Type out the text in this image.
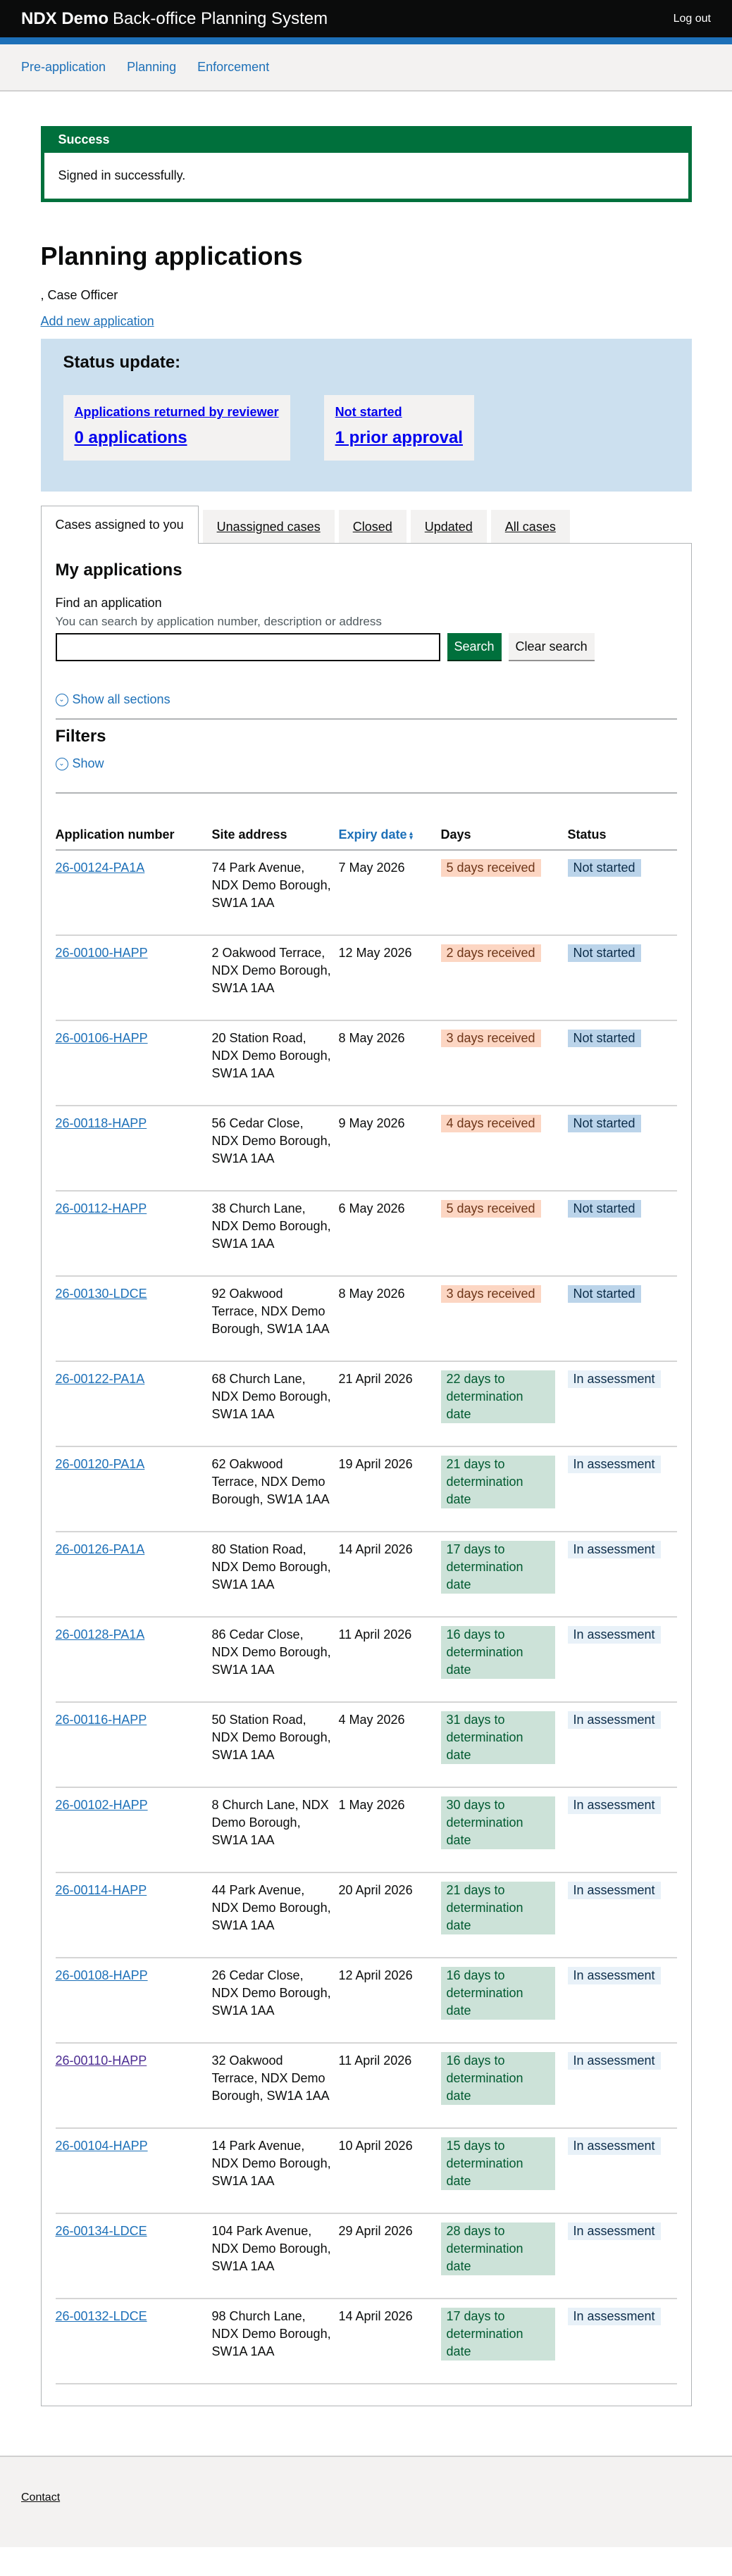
NDX Demo Back-office Planning System	Log out
Pre-application Planning Enforcement
Success
Signed in successfully.
Planning applications

, Case Officer

Add new application
Status update:
Applications returned by reviewer
0 applications
Not started
1 prior approval
Cases assigned to you	Unassigned cases	Closed	Updated	All cases
My applications
Find an application
You can search by application number, description or address
Search	Clear search
⌄ Show all sections
Filters
⌄ Show
Application number	Site address	Expiry date ▴▾	Days	Status
26-00124-PA1A	74 Park Avenue, NDX Demo Borough, SW1A 1AA	7 May 2026	5 days received	Not started
26-00100-HAPP	2 Oakwood Terrace, NDX Demo Borough, SW1A 1AA	12 May 2026	2 days received	Not started
26-00106-HAPP	20 Station Road, NDX Demo Borough, SW1A 1AA	8 May 2026	3 days received	Not started
26-00118-HAPP	56 Cedar Close, NDX Demo Borough, SW1A 1AA	9 May 2026	4 days received	Not started
26-00112-HAPP	38 Church Lane, NDX Demo Borough, SW1A 1AA	6 May 2026	5 days received	Not started
26-00130-LDCE	92 Oakwood Terrace, NDX Demo Borough, SW1A 1AA	8 May 2026	3 days received	Not started
26-00122-PA1A	68 Church Lane, NDX Demo Borough, SW1A 1AA	21 April 2026	22 days to determination date	In assessment
26-00120-PA1A	62 Oakwood Terrace, NDX Demo Borough, SW1A 1AA	19 April 2026	21 days to determination date	In assessment
26-00126-PA1A	80 Station Road, NDX Demo Borough, SW1A 1AA	14 April 2026	17 days to determination date	In assessment
26-00128-PA1A	86 Cedar Close, NDX Demo Borough, SW1A 1AA	11 April 2026	16 days to determination date	In assessment
26-00116-HAPP	50 Station Road, NDX Demo Borough, SW1A 1AA	4 May 2026	31 days to determination date	In assessment
26-00102-HAPP	8 Church Lane, NDX Demo Borough, SW1A 1AA	1 May 2026	30 days to determination date	In assessment
26-00114-HAPP	44 Park Avenue, NDX Demo Borough, SW1A 1AA	20 April 2026	21 days to determination date	In assessment
26-00108-HAPP	26 Cedar Close, NDX Demo Borough, SW1A 1AA	12 April 2026	16 days to determination date	In assessment
26-00110-HAPP	32 Oakwood Terrace, NDX Demo Borough, SW1A 1AA	11 April 2026	16 days to determination date	In assessment
26-00104-HAPP	14 Park Avenue, NDX Demo Borough, SW1A 1AA	10 April 2026	15 days to determination date	In assessment
26-00134-LDCE	104 Park Avenue, NDX Demo Borough, SW1A 1AA	29 April 2026	28 days to determination date	In assessment
26-00132-LDCE	98 Church Lane, NDX Demo Borough, SW1A 1AA	14 April 2026	17 days to determination date	In assessment
Contact
